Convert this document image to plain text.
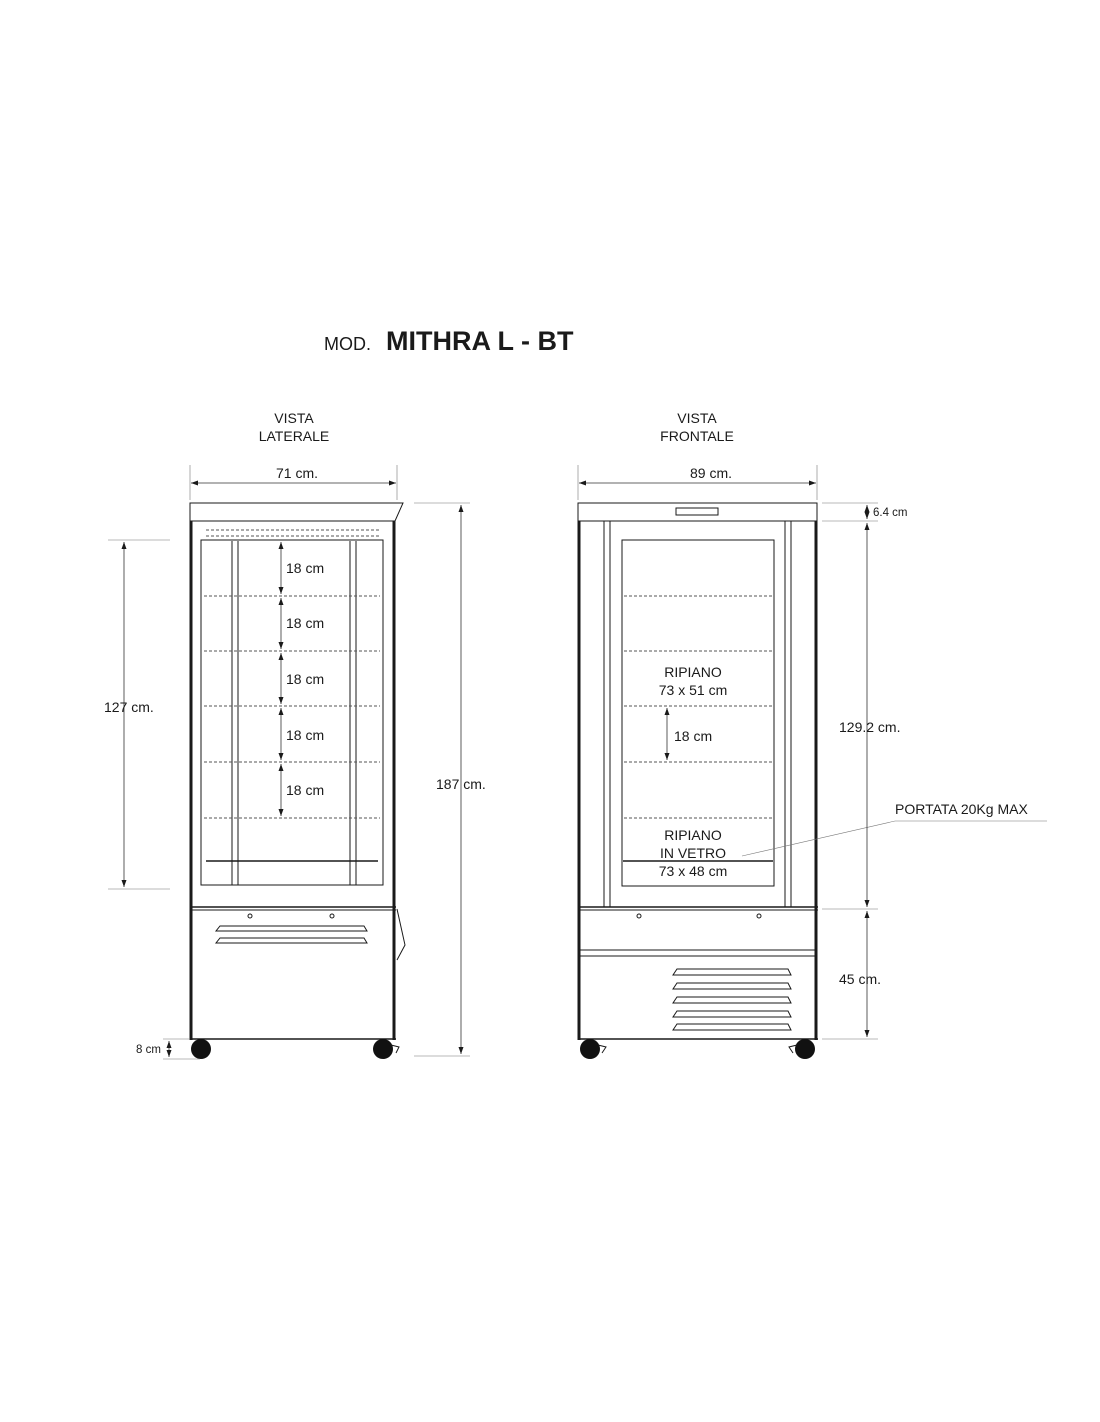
MOD. MITHRA L - BT
VISTA
LATERALE
71 cm.
18 cm
18 cm
18 cm
18 cm
18 cm
127 cm.
187 cm.
8 cm
VISTA
FRONTALE
89 cm.
RIPIANO
73 x 51 cm
18 cm
RIPIANO
IN VETRO
73 x 48 cm
PORTATA 20Kg MAX
6.4 cm
129.2 cm.
45 cm.
